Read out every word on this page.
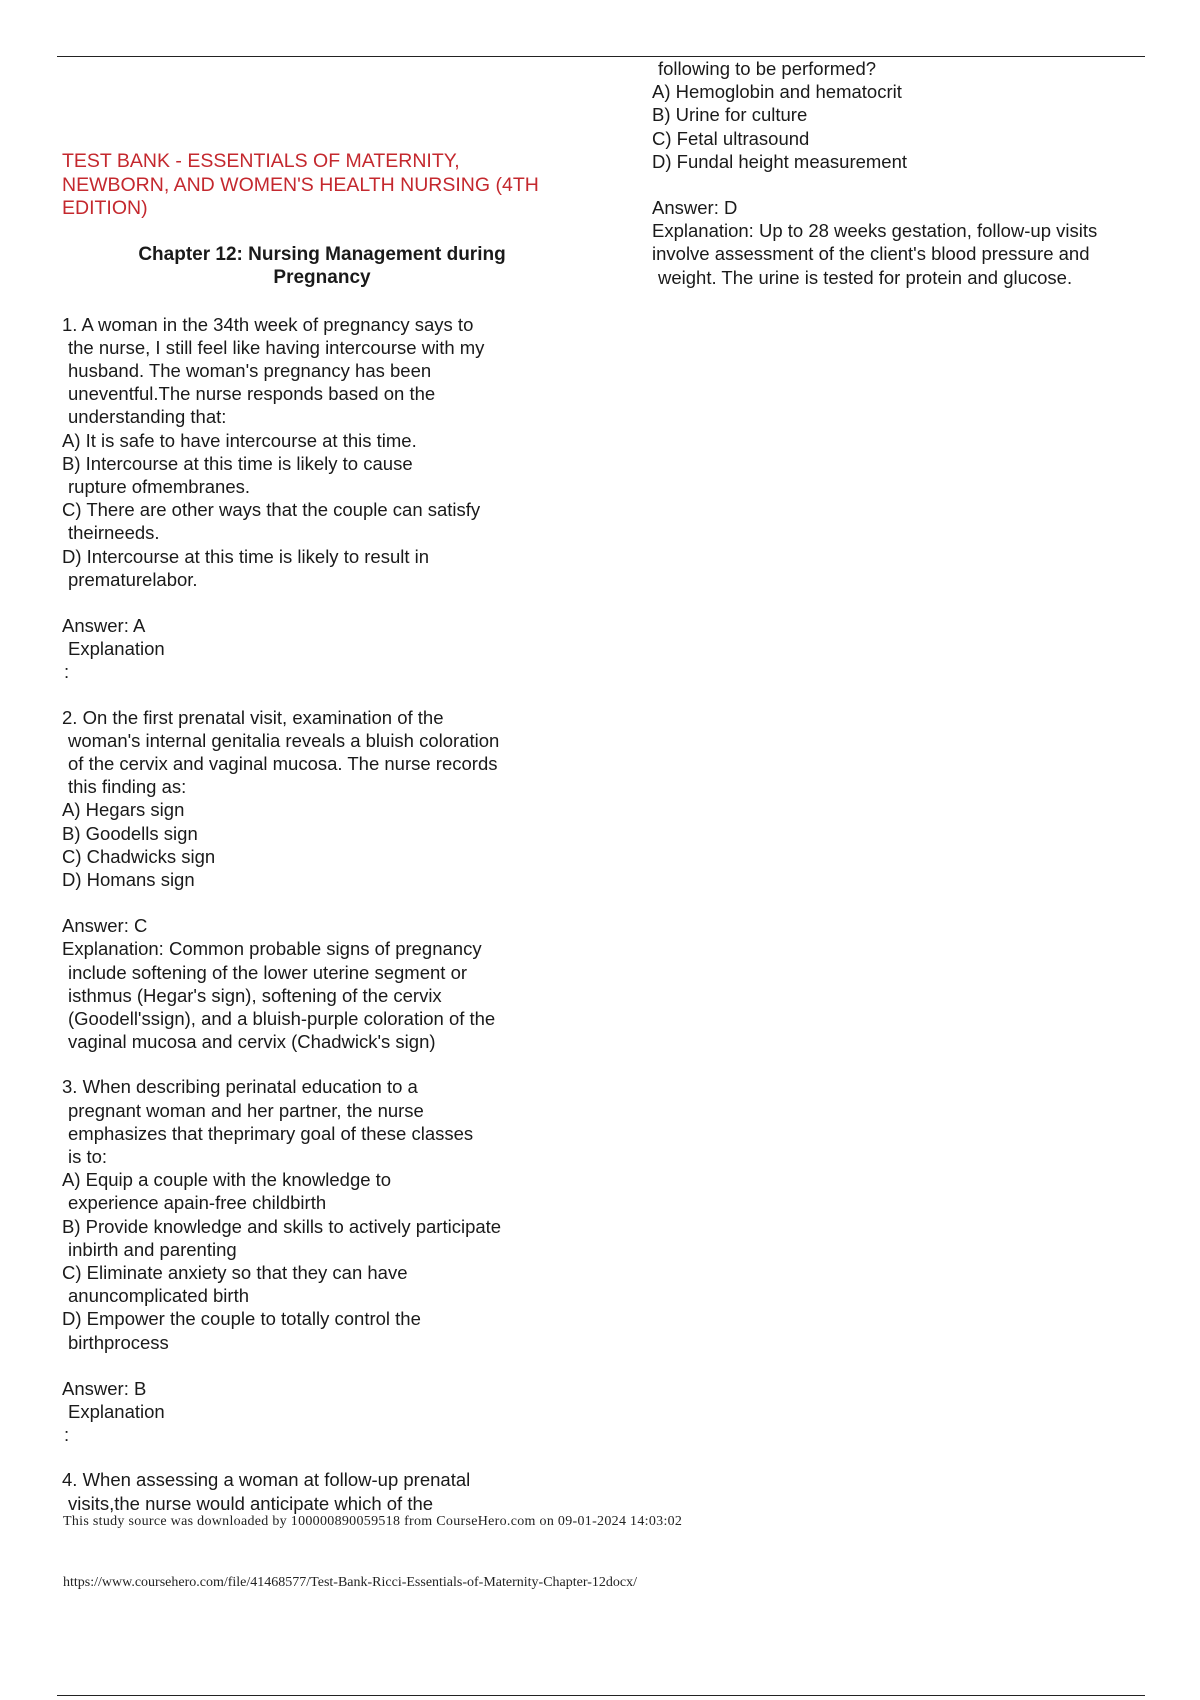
TEST BANK - ESSENTIALS OF MATERNITY,
NEWBORN, AND WOMEN'S HEALTH NURSING (4TH
EDITION)
Chapter 12: Nursing Management during
Pregnancy
1. A woman in the 34th week of pregnancy says to
the nurse, I still feel like having intercourse with my
husband. The woman's pregnancy has been
uneventful.The nurse responds based on the
understanding that:
A) It is safe to have intercourse at this time.
B) Intercourse at this time is likely to cause
rupture ofmembranes.
C) There are other ways that the couple can satisfy
theirneeds.
D) Intercourse at this time is likely to result in
prematurelabor.
Answer: A
Explanation
:
2. On the first prenatal visit, examination of the
woman's internal genitalia reveals a bluish coloration
of the cervix and vaginal mucosa. The nurse records
this finding as:
A) Hegars sign
B) Goodells sign
C) Chadwicks sign
D) Homans sign
Answer: C
Explanation: Common probable signs of pregnancy
include softening of the lower uterine segment or
isthmus (Hegar's sign), softening of the cervix
(Goodell'ssign), and a bluish-purple coloration of the
vaginal mucosa and cervix (Chadwick's sign)
3. When describing perinatal education to a
pregnant woman and her partner, the nurse
emphasizes that theprimary goal of these classes
is to:
A) Equip a couple with the knowledge to
experience apain-free childbirth
B) Provide knowledge and skills to actively participate
inbirth and parenting
C) Eliminate anxiety so that they can have
anuncomplicated birth
D) Empower the couple to totally control the
birthprocess
Answer: B
Explanation
:
4. When assessing a woman at follow-up prenatal
visits,the nurse would anticipate which of the
following to be performed?
A) Hemoglobin and hematocrit
B) Urine for culture
C) Fetal ultrasound
D) Fundal height measurement
Answer: D
Explanation: Up to 28 weeks gestation, follow-up visits
involve assessment of the client's blood pressure and
weight. The urine is tested for protein and glucose.
This study source was downloaded by 100000890059518 from CourseHero.com on 09-01-2024 14:03:02
https://www.coursehero.com/file/41468577/Test-Bank-Ricci-Essentials-of-Maternity-Chapter-12docx/
